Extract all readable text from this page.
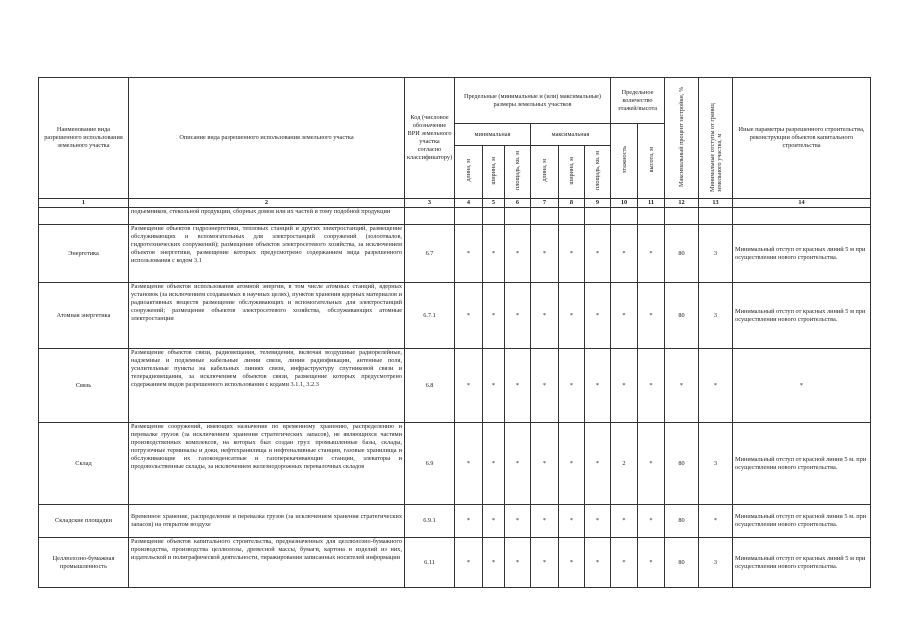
Наименование вида разрешенного использования земельного участка	Описание вида разрешенного использования земельного участка	Код (числовое обозначение ВРИ земельного участка согласно классификатору)	Предельные (минимальные и (или) максимальные) размеры земельных участков						Предельное количество этажей/высота		Максимальный процент застройки, %	Минимальные отступы от границ земельного участка, м	Иные параметры разрешенного строительства, реконструкции объектов капитального строительства
			минимальная			максимальная			этажность	высота, м			
			длина, м	ширина, м	площадь, кв. м	длина, м	ширина, м	площадь, кв. м					
1	2	3	4	5	6	7	8	9	10	11	12	13	14
	подъемников, стекольной продукции, сборных домов или их частей и тому подобной продукции												
Энергетика	Размещение объектов гидроэнергетики, тепловых станций и других электростанций, размещение обслуживающих и вспомогательных для электростанций сооружений (золоотвалов, гидротехнических сооружений); размещение объектов электросетевого хозяйства, за исключением объектов энергетики, размещение которых предусмотрено содержанием вида разрешенного использования с кодом 3.1	6.7	*	*	*	*	*	*	*	*	80	3	Минимальный отступ от красных линий 5 м при осуществлении нового строительства.
Атомная энергетика	Размещение объектов использования атомной энергии, в том числе атомных станций, ядерных установок (за исключением создаваемых в научных целях), пунктов хранения ядерных материалов и радиоактивных веществ размещение обслуживающих и вспомогательных для электростанций сооружений; размещение объектов электросетевого хозяйства, обслуживающих атомные электростанции	6.7.1	*	*	*	*	*	*	*	*	80	3	Минимальный отступ от красных линий 5 м при осуществлении нового строительства.
Связь	Размещение объектов связи, радиовещания, телевидения, включая воздушные радиорелейные, надземные и подземные кабельные линии связи, линии радиофикации, антенные поля, усилительные пункты на кабельных линиях связи, инфраструктуру спутниковой связи и телерадиовещания, за исключением объектов связи, размещение которых предусмотрено содержанием видов разрешенного использования с кодами 3.1.1, 3.2.3	6.8	*	*	*	*	*	*	*	*	*	*	*
Склад	Размещение сооружений, имеющих назначение по временному хранению, распределению и перевалке грузов (за исключением хранения стратегических запасов), не являющихся частями производственных комплексов, на которых был создан груз: промышленные базы, склады, погрузочные терминалы и доки, нефтехранилища и нефтеналивные станции, газовые хранилища и обслуживающие их газоконденсатные и газоперекачивающие станции, элеваторы и продовольственные склады, за исключением железнодорожных перевалочных складов	6.9	*	*	*	*	*	*	2	*	80	3	Минимальный отступ от красной линии 5 м. при осуществлении нового строительства.
Складские площадки	Временное хранение, распределение и перевалка грузов (за исключением хранения стратегических запасов) на открытом воздухе	6.9.1	*	*	*	*	*	*	*	*	80	*	Минимальный отступ от красной линии 5 м. при осуществлении нового строительства.
Целлюлозно-бумажная промышленность	Размещение объектов капитального строительства, предназначенных для целлюлозно-бумажного производства, производства целлюлозы, древесной массы, бумаги, картона и изделий из них, издательской и полиграфической деятельности, тиражирования записанных носителей информации	6.11	*	*	*	*	*	*	*	*	80	3	Минимальный отступ от красных линий 5 м при осуществлении нового строительства.
